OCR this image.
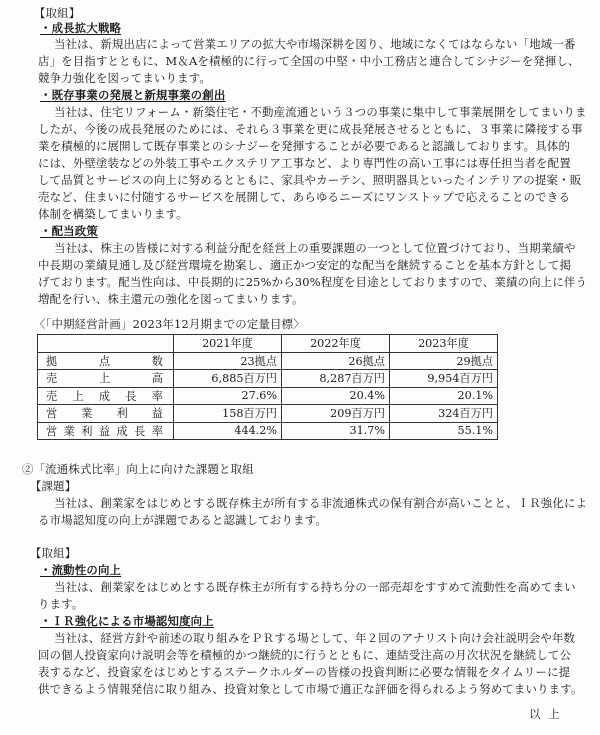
【取組】
・成長拡大戦略
当社は、新規出店によって営業エリアの拡大や市場深耕を図り、地域になくてはならない「地域一番
店」を目指すとともに、M＆Aを積極的に行って全国の中堅・中小工務店と連合してシナジーを発揮し、
競争力強化を図ってまいります。
・既存事業の発展と新規事業の創出
当社は、住宅リフォーム・新築住宅・不動産流通という３つの事業に集中して事業展開をしてまいりま
したが、今後の成長発展のためには、それら３事業を更に成長発展させるとともに、３事業に隣接する事
業を積極的に展開して既存事業とのシナジーを発揮することが必要であると認識しております。具体的
には、外壁塗装などの外装工事やエクステリア工事など、より専門性の高い工事には専任担当者を配置
して品質とサービスの向上に努めるとともに、家具やカーテン、照明器具といったインテリアの提案・販
売など、住まいに付随するサービスを展開して、あらゆるニーズにワンストップで応えることのできる
体制を構築してまいります。
・配当政策
当社は、株主の皆様に対する利益分配を経営上の重要課題の一つとして位置づけており、当期業績や
中長期の業績見通し及び経営環境を勘案し、適正かつ安定的な配当を継続することを基本方針として掲
げております。配当性向は、中長期的に25%から30%程度を目途としておりますので、業績の向上に伴う
増配を行い、株主還元の強化を図ってまいります。
〈「中期経営計画」2023年12月期までの定量目標〉
	2021年度	2022年度	2023年度
拠点数	23拠点	26拠点	29拠点
売上高	6,885百万円	8,287百万円	9,954百万円
売上成長率	27.6%	20.4%	20.1%
営業利益	158百万円	209百万円	324百万円
営業利益成長率	444.2%	31.7%	55.1%
②「流通株式比率」向上に向けた課題と取組
【課題】
当社は、創業家をはじめとする既存株主が所有する非流通株式の保有割合が高いことと、ＩＲ強化によ
る市場認知度の向上が課題であると認識しております。
【取組】
・流動性の向上
当社は、創業家をはじめとする既存株主が所有する持ち分の一部売却をすすめて流動性を高めてまい
ります。
・ＩＲ強化による市場認知度向上
当社は、経営方針や前述の取り組みをＰＲする場として、年２回のアナリスト向け会社説明会や年数
回の個人投資家向け説明会等を積極的かつ継続的に行うとともに、連結受注高の月次状況を継続して公
表するなど、投資家をはじめとするステークホルダーの皆様の投資判断に必要な情報をタイムリーに提
供できるよう情報発信に取り組み、投資対象として市場で適正な評価を得られるよう努めてまいります。
以上
